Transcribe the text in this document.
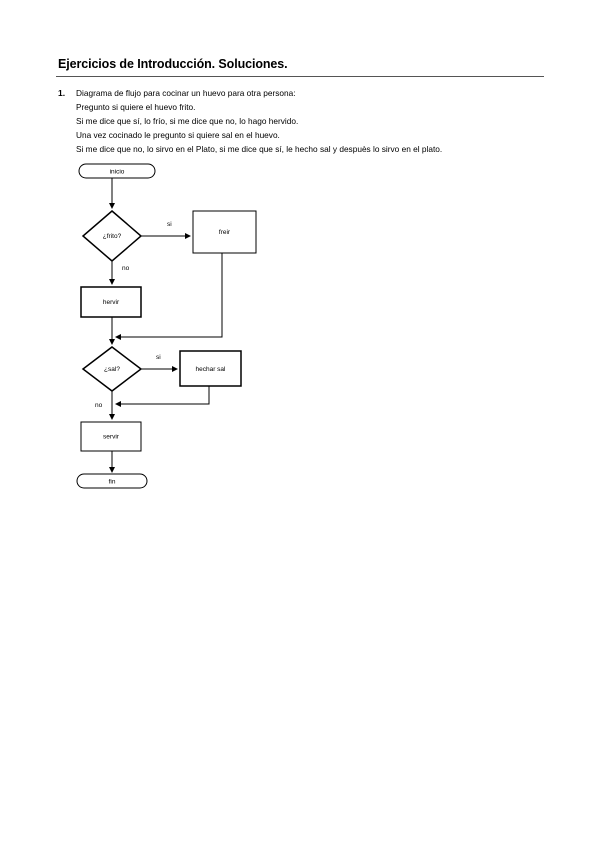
Ejercicios de Introducción. Soluciones.
1. Diagrama de flujo para cocinar un huevo para otra persona:
Pregunto si quiere el huevo frito.
Si me dice que sí, lo frío, si me dice que no, lo hago hervido.
Una vez cocinado le pregunto si quiere sal en el huevo.
Si me dice que no, lo sirvo en el Plato, si me dice que sí, le hecho sal y despuès lo sirvo en el plato.
inicio
¿frito?
si
freir
no
hervir
¿sal?
si
hechar sal
no
servir
fin
